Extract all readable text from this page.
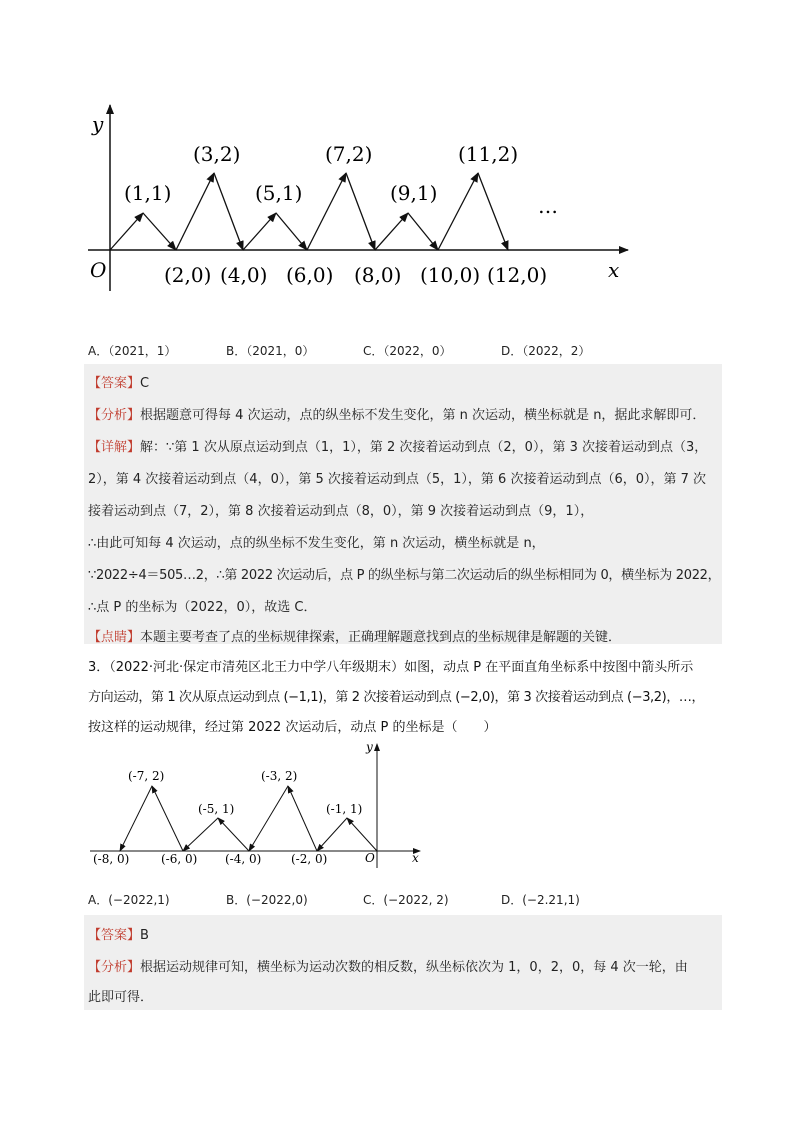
y
x
O
(1,1)
(3,2)
(5,1)
(7,2)
(9,1)
(11,2)
…
(2,0) (4,0) (6,0) (8,0) (10,0) (12,0)
A．（2021，1）	B．（2021，0）	C．（2022，0）	D．（2022，2）
【答案】C
【分析】根据题意可得每 4 次运动，点的纵坐标不发生变化，第 n 次运动，横坐标就是 n，据此求解即可．
【详解】解：∵第 1 次从原点运动到点（1，1），第 2 次接着运动到点（2，0），第 3 次接着运动到点（3，
2），第 4 次接着运动到点（4，0），第 5 次接着运动到点（5，1），第 6 次接着运动到点（6，0），第 7 次
接着运动到点（7，2），第 8 次接着运动到点（8，0），第 9 次接着运动到点（9，1），
∴由此可知每 4 次运动，点的纵坐标不发生变化，第 n 次运动，横坐标就是 n，
∵2022÷4＝505…2，∴第 2022 次运动后，点 P 的纵坐标与第二次运动后的纵坐标相同为 0，横坐标为 2022，
∴点 P 的坐标为（2022，0），故选 C．
【点睛】本题主要考查了点的坐标规律探索，正确理解题意找到点的坐标规律是解题的关键．
3．（2022·河北·保定市清苑区北王力中学八年级期末）如图，动点 P 在平面直角坐标系中按图中箭头所示
方向运动，第 1 次从原点运动到点 (−1,1)，第 2 次接着运动到点 (−2,0)，第 3 次接着运动到点 (−3,2)，…，
按这样的运动规律，经过第 2022 次运动后，动点 P 的坐标是（　　）
y
x
O
(-7, 2)
(-5, 1)
(-3, 2)
(-1, 1)
(-8, 0)	(-6, 0) (-4, 0) (-2, 0)
A．(−2022,1)	B．(−2022,0)	C．(−2022, 2)	D．(−2.21,1)
【答案】B
【分析】根据运动规律可知，横坐标为运动次数的相反数，纵坐标依次为 1，0，2，0，每 4 次一轮，由
此即可得．
